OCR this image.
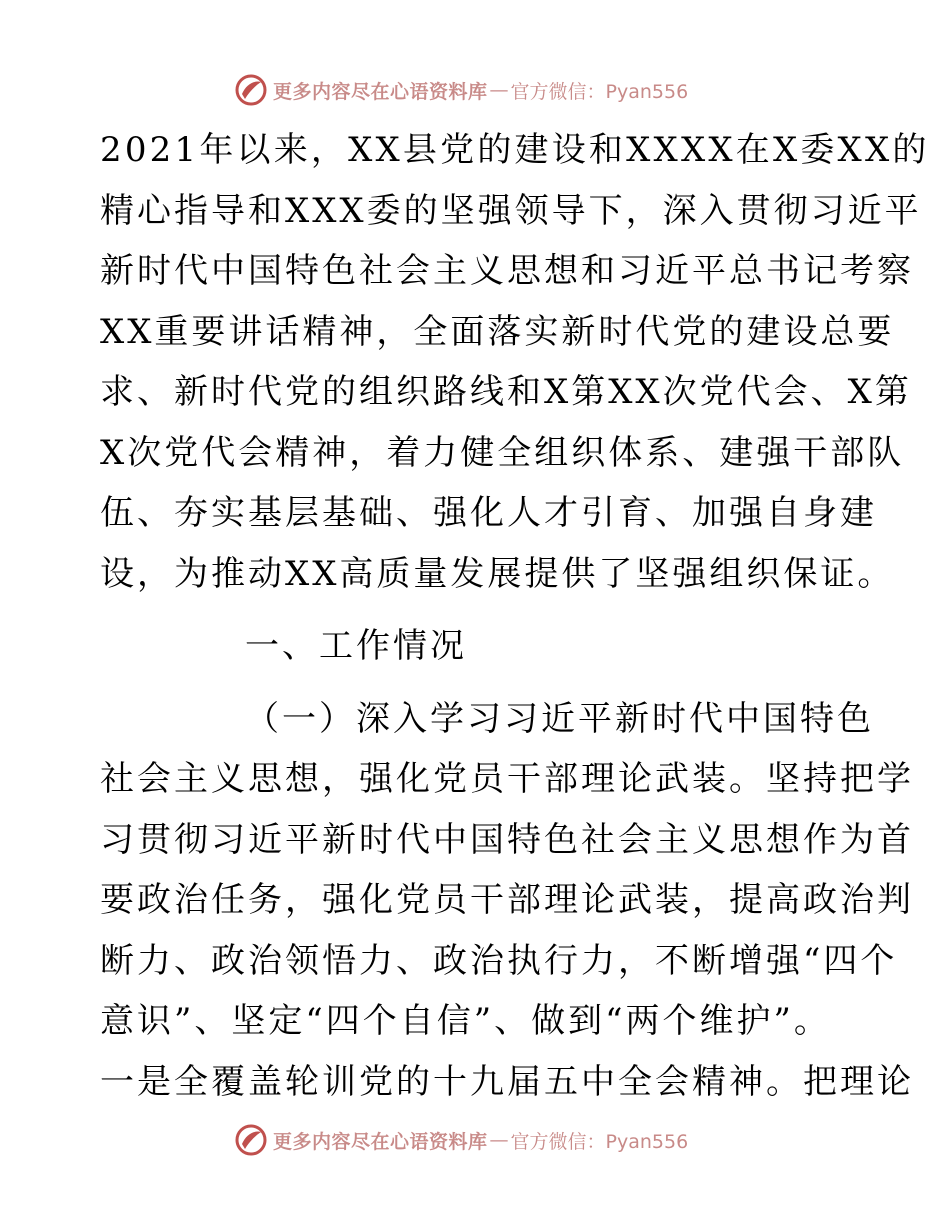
更多内容尽在心语资料库 — 官方微信：Pyan556
2021年以来，XX县党的建设和XXXX在X委XX的
精心指导和XXX委的坚强领导下，深入贯彻习近平
新时代中国特色社会主义思想和习近平总书记考察
XX重要讲话精神，全面落实新时代党的建设总要
求、新时代党的组织路线和X第XX次党代会、X第
X次党代会精神，着力健全组织体系、建强干部队
伍、夯实基层基础、强化人才引育、加强自身建
设，为推动XX高质量发展提供了坚强组织保证。
一、工作情况
（一）深入学习习近平新时代中国特色
社会主义思想，强化党员干部理论武装。坚持把学
习贯彻习近平新时代中国特色社会主义思想作为首
要政治任务，强化党员干部理论武装，提高政治判
断力、政治领悟力、政治执行力，不断增强“四个
意识”、坚定“四个自信”、做到“两个维护”。
一是全覆盖轮训党的十九届五中全会精神。把理论
更多内容尽在心语资料库 — 官方微信：Pyan556
